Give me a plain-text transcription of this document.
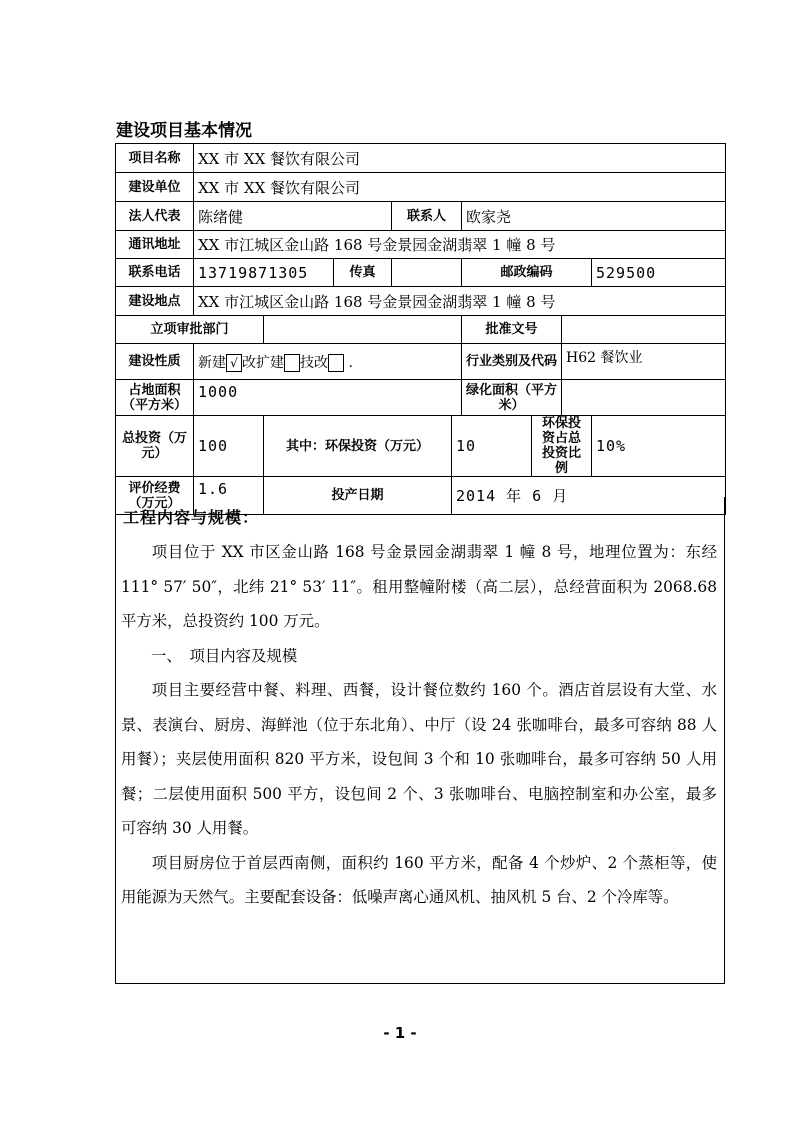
建设项目基本情况
项目名称	XX 市 XX 餐饮有限公司								
建设单位	XX 市 XX 餐饮有限公司								
法人代表	陈绪健			联系人		欧家尧			
通讯地址	XX 市江城区金山路 168 号金景园金湖翡翠 1 幢 8 号								
联系电话	13719871305		传真			邮政编码			529500
建设地点	XX 市江城区金山路 168 号金景园金湖翡翠 1 幢 8 号								
立项审批部门						批准文号			
建设性质	新建 √ 改扩建 技改 .					行业类别及代码		H62 餐饮业	
占地面积（平方米）	1000					绿化面积（平方米）			
总投资（万元）	100	其中：环保投资（万元）			10		环保投资占总投资比例		10%
评价经费（万元）	1.6	投产日期			2014 年 6 月				
工程内容与规模：

项目位于 XX 市区金山路 168 号金景园金湖翡翠 1 幢 8 号，地理位置为：东经 111° 57′ 50″，北纬 21° 53′ 11″。租用整幢附楼（高二层），总经营面积为 2068.68 平方米，总投资约 100 万元。

一、　项目内容及规模

项目主要经营中餐、料理、西餐，设计餐位数约 160 个。酒店首层设有大堂、水景、表演台、厨房、海鲜池（位于东北角）、中厅（设 24 张咖啡台，最多可容纳 88 人用餐）；夹层使用面积 820 平方米，设包间 3 个和 10 张咖啡台，最多可容纳 50 人用餐；二层使用面积 500 平方，设包间 2 个、3 张咖啡台、电脑控制室和办公室，最多可容纳 30 人用餐。

项目厨房位于首层西南侧，面积约 160 平方米，配备 4 个炒炉、2 个蒸柜等，使用能源为天然气。主要配套设备：低噪声离心通风机、抽风机 5 台、2 个冷库等。

- 1 -
